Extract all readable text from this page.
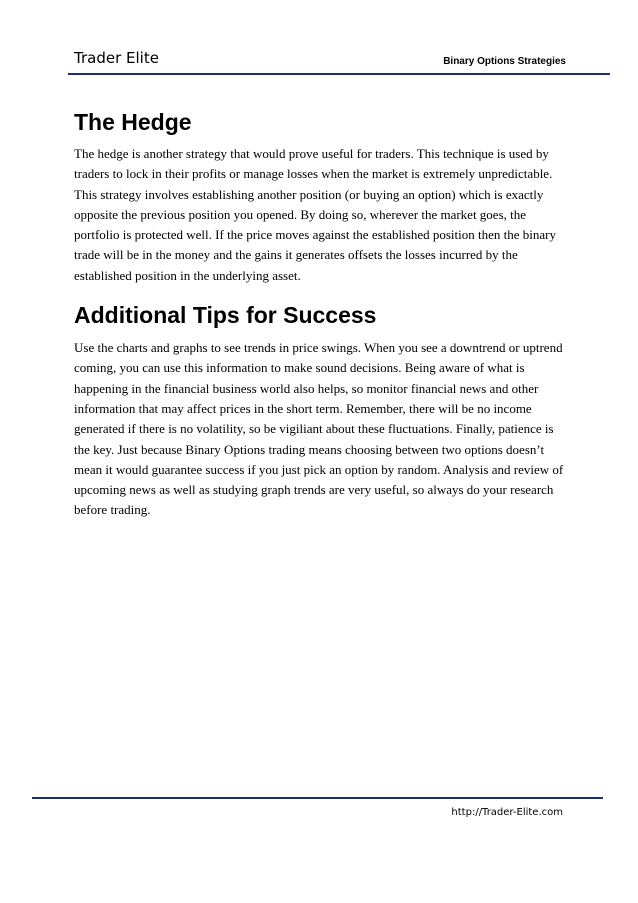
Trader Elite	Binary Options Strategies
The Hedge

The hedge is another strategy that would prove useful for traders. This technique is used by traders to lock in their profits or manage losses when the market is extremely unpredictable. This strategy involves establishing another position (or buying an option) which is exactly opposite the previous position you opened. By doing so, wherever the market goes, the portfolio is protected well. If the price moves against the established position then the binary trade will be in the money and the gains it generates offsets the losses incurred by the established position in the underlying asset.

Additional Tips for Success

Use the charts and graphs to see trends in price swings. When you see a downtrend or uptrend coming, you can use this information to make sound decisions. Being aware of what is happening in the financial business world also helps, so monitor financial news and other information that may affect prices in the short term. Remember, there will be no income generated if there is no volatility, so be vigiliant about these fluctuations. Finally, patience is the key. Just because Binary Options trading means choosing between two options doesn’t mean it would guarantee success if you just pick an option by random. Analysis and review of upcoming news as well as studying graph trends are very useful, so always do your research before trading.

http://Trader-Elite.com
